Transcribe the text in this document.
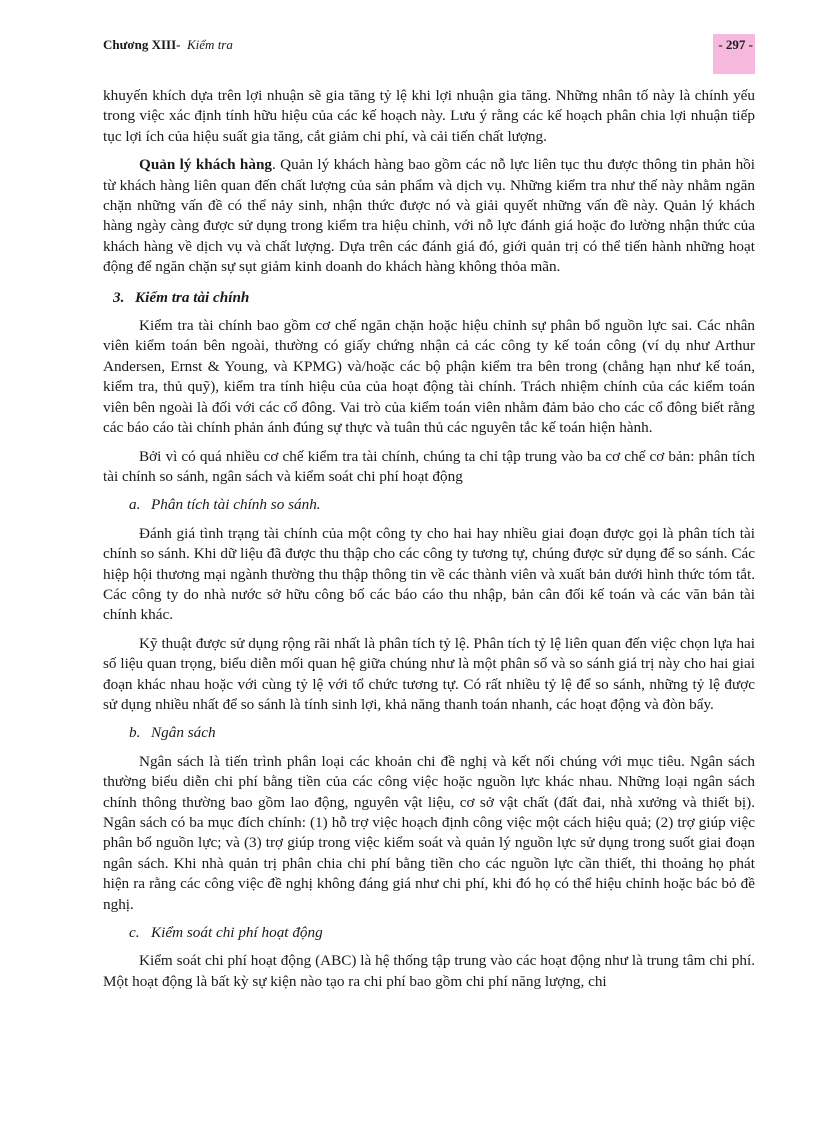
Chương XIII- Kiểm tra	- 297 -

khuyến khích dựa trên lợi nhuận sẽ gia tăng tỷ lệ khi lợi nhuận gia tăng. Những nhân tố này là chính yếu trong việc xác định tính hữu hiệu của các kế hoạch này. Lưu ý rằng các kế hoạch phân chia lợi nhuận tiếp tục lợi ích của hiệu suất gia tăng, cắt giảm chi phí, và cải tiến chất lượng.

Quản lý khách hàng. Quản lý khách hàng bao gồm các nỗ lực liên tục thu được thông tin phản hồi từ khách hàng liên quan đến chất lượng của sản phẩm và dịch vụ. Những kiểm tra như thế này nhằm ngăn chặn những vấn đề có thể nảy sinh, nhận thức được nó và giải quyết những vấn đề này. Quản lý khách hàng ngày càng được sử dụng trong kiểm tra hiệu chỉnh, với nỗ lực đánh giá hoặc đo lường nhận thức của khách hàng về dịch vụ và chất lượng. Dựa trên các đánh giá đó, giới quản trị có thể tiến hành những hoạt động để ngăn chặn sự sụt giảm kinh doanh do khách hàng không thỏa mãn.

3. Kiểm tra tài chính

Kiểm tra tài chính bao gồm cơ chế ngăn chặn hoặc hiệu chỉnh sự phân bổ nguồn lực sai. Các nhân viên kiểm toán bên ngoài, thường có giấy chứng nhận cả các công ty kế toán công (ví dụ như Arthur Andersen, Ernst & Young, và KPMG) và/hoặc các bộ phận kiểm tra bên trong (chẳng hạn như kế toán, kiểm tra, thủ quỹ), kiểm tra tính hiệu của của hoạt động tài chính. Trách nhiệm chính của các kiểm toán viên bên ngoài là đối với các cổ đông. Vai trò của kiểm toán viên nhằm đảm bảo cho các cổ đông biết rằng các báo cáo tài chính phản ánh đúng sự thực và tuân thủ các nguyên tắc kế toán hiện hành.

Bởi vì có quá nhiều cơ chế kiểm tra tài chính, chúng ta chỉ tập trung vào ba cơ chế cơ bản: phân tích tài chính so sánh, ngân sách và kiểm soát chi phí hoạt động

a. Phân tích tài chính so sánh.

Đánh giá tình trạng tài chính của một công ty cho hai hay nhiều giai đoạn được gọi là phân tích tài chính so sánh. Khi dữ liệu đã được thu thập cho các công ty tương tự, chúng được sử dụng để so sánh. Các hiệp hội thương mại ngành thường thu thập thông tin về các thành viên và xuất bản dưới hình thức tóm tắt. Các công ty do nhà nước sở hữu công bố các báo cáo thu nhập, bản cân đối kế toán và các văn bản tài chính khác.

Kỹ thuật được sử dụng rộng rãi nhất là phân tích tỷ lệ. Phân tích tỷ lệ liên quan đến việc chọn lựa hai số liệu quan trọng, biểu diễn mối quan hệ giữa chúng như là một phân số và so sánh giá trị này cho hai giai đoạn khác nhau hoặc với cùng tỷ lệ với tổ chức tương tự. Có rất nhiều tỷ lệ để so sánh, những tỷ lệ được sử dụng nhiều nhất để so sánh là tính sinh lợi, khả năng thanh toán nhanh, các hoạt động và đòn bẩy.

b. Ngân sách

Ngân sách là tiến trình phân loại các khoản chi đề nghị và kết nối chúng với mục tiêu. Ngân sách thường biểu diễn chi phí bằng tiền của các công việc hoặc nguồn lực khác nhau. Những loại ngân sách chính thông thường bao gồm lao động, nguyên vật liệu, cơ sở vật chất (đất đai, nhà xưởng và thiết bị). Ngân sách có ba mục đích chính: (1) hỗ trợ việc hoạch định công việc một cách hiệu quả; (2) trợ giúp việc phân bổ nguồn lực; và (3) trợ giúp trong việc kiểm soát và quản lý nguồn lực sử dụng trong suốt giai đoạn ngân sách. Khi nhà quản trị phân chia chi phí bằng tiền cho các nguồn lực cần thiết, thi thoảng họ phát hiện ra rằng các công việc đề nghị không đáng giá như chi phí, khi đó họ có thể hiệu chỉnh hoặc bác bỏ đề nghị.

c. Kiểm soát chi phí hoạt động

Kiểm soát chi phí hoạt động (ABC) là hệ thống tập trung vào các hoạt động như là trung tâm chi phí. Một hoạt động là bất kỳ sự kiện nào tạo ra chi phí bao gồm chi phí năng lượng, chi
